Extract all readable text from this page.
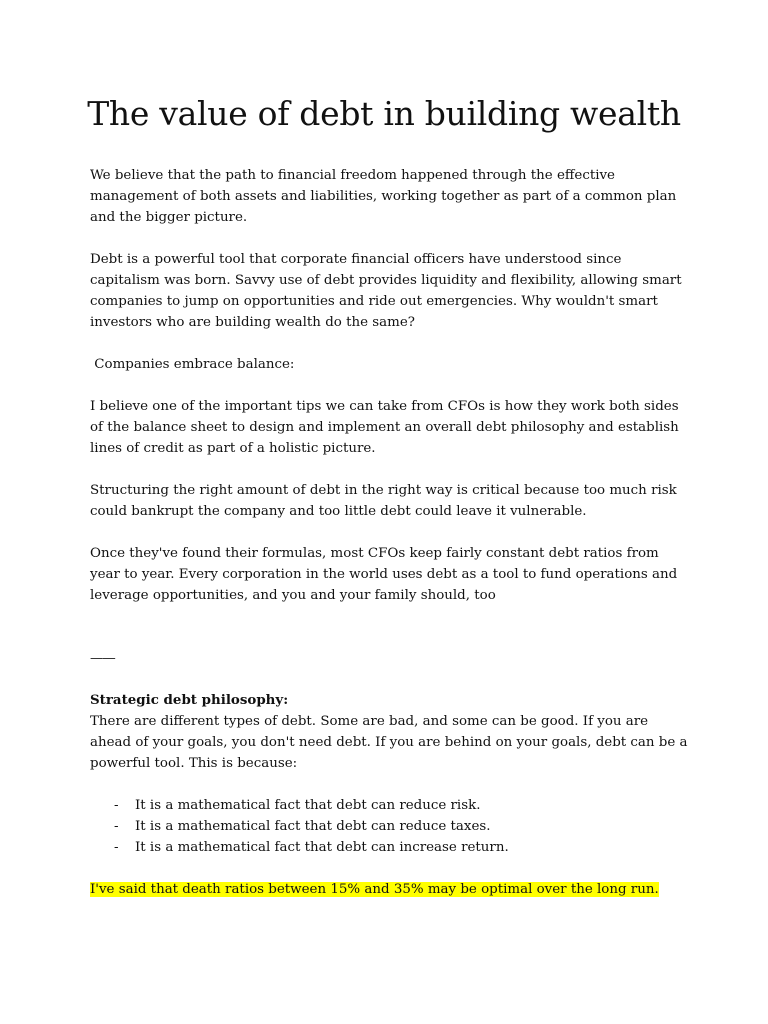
The value of debt in building wealth

We believe that the path to financial freedom happened through the effective management of both assets and liabilities, working together as part of a common plan and the bigger picture.

Debt is a powerful tool that corporate financial officers have understood since capitalism was born. Savvy use of debt provides liquidity and flexibility, allowing smart companies to jump on opportunities and ride out emergencies. Why wouldn't smart investors who are building wealth do the same?

Companies embrace balance:

I believe one of the important tips we can take from CFOs is how they work both sides of the balance sheet to design and implement an overall debt philosophy and establish lines of credit as part of a holistic picture.

Structuring the right amount of debt in the right way is critical because too much risk could bankrupt the company and too little debt could leave it vulnerable.

Once they've found their formulas, most CFOs keep fairly constant debt ratios from year to year. Every corporation in the world uses debt as a tool to fund operations and leverage opportunities, and you and your family should, too

——

Strategic debt philosophy:

There are different types of debt. Some are bad, and some can be good. If you are ahead of your goals, you don't need debt. If you are behind on your goals, debt can be a powerful tool. This is because:

- It is a mathematical fact that debt can reduce risk.
- It is a mathematical fact that debt can reduce taxes.
- It is a mathematical fact that debt can increase return.

I've said that death ratios between 15% and 35% may be optimal over the long run.
